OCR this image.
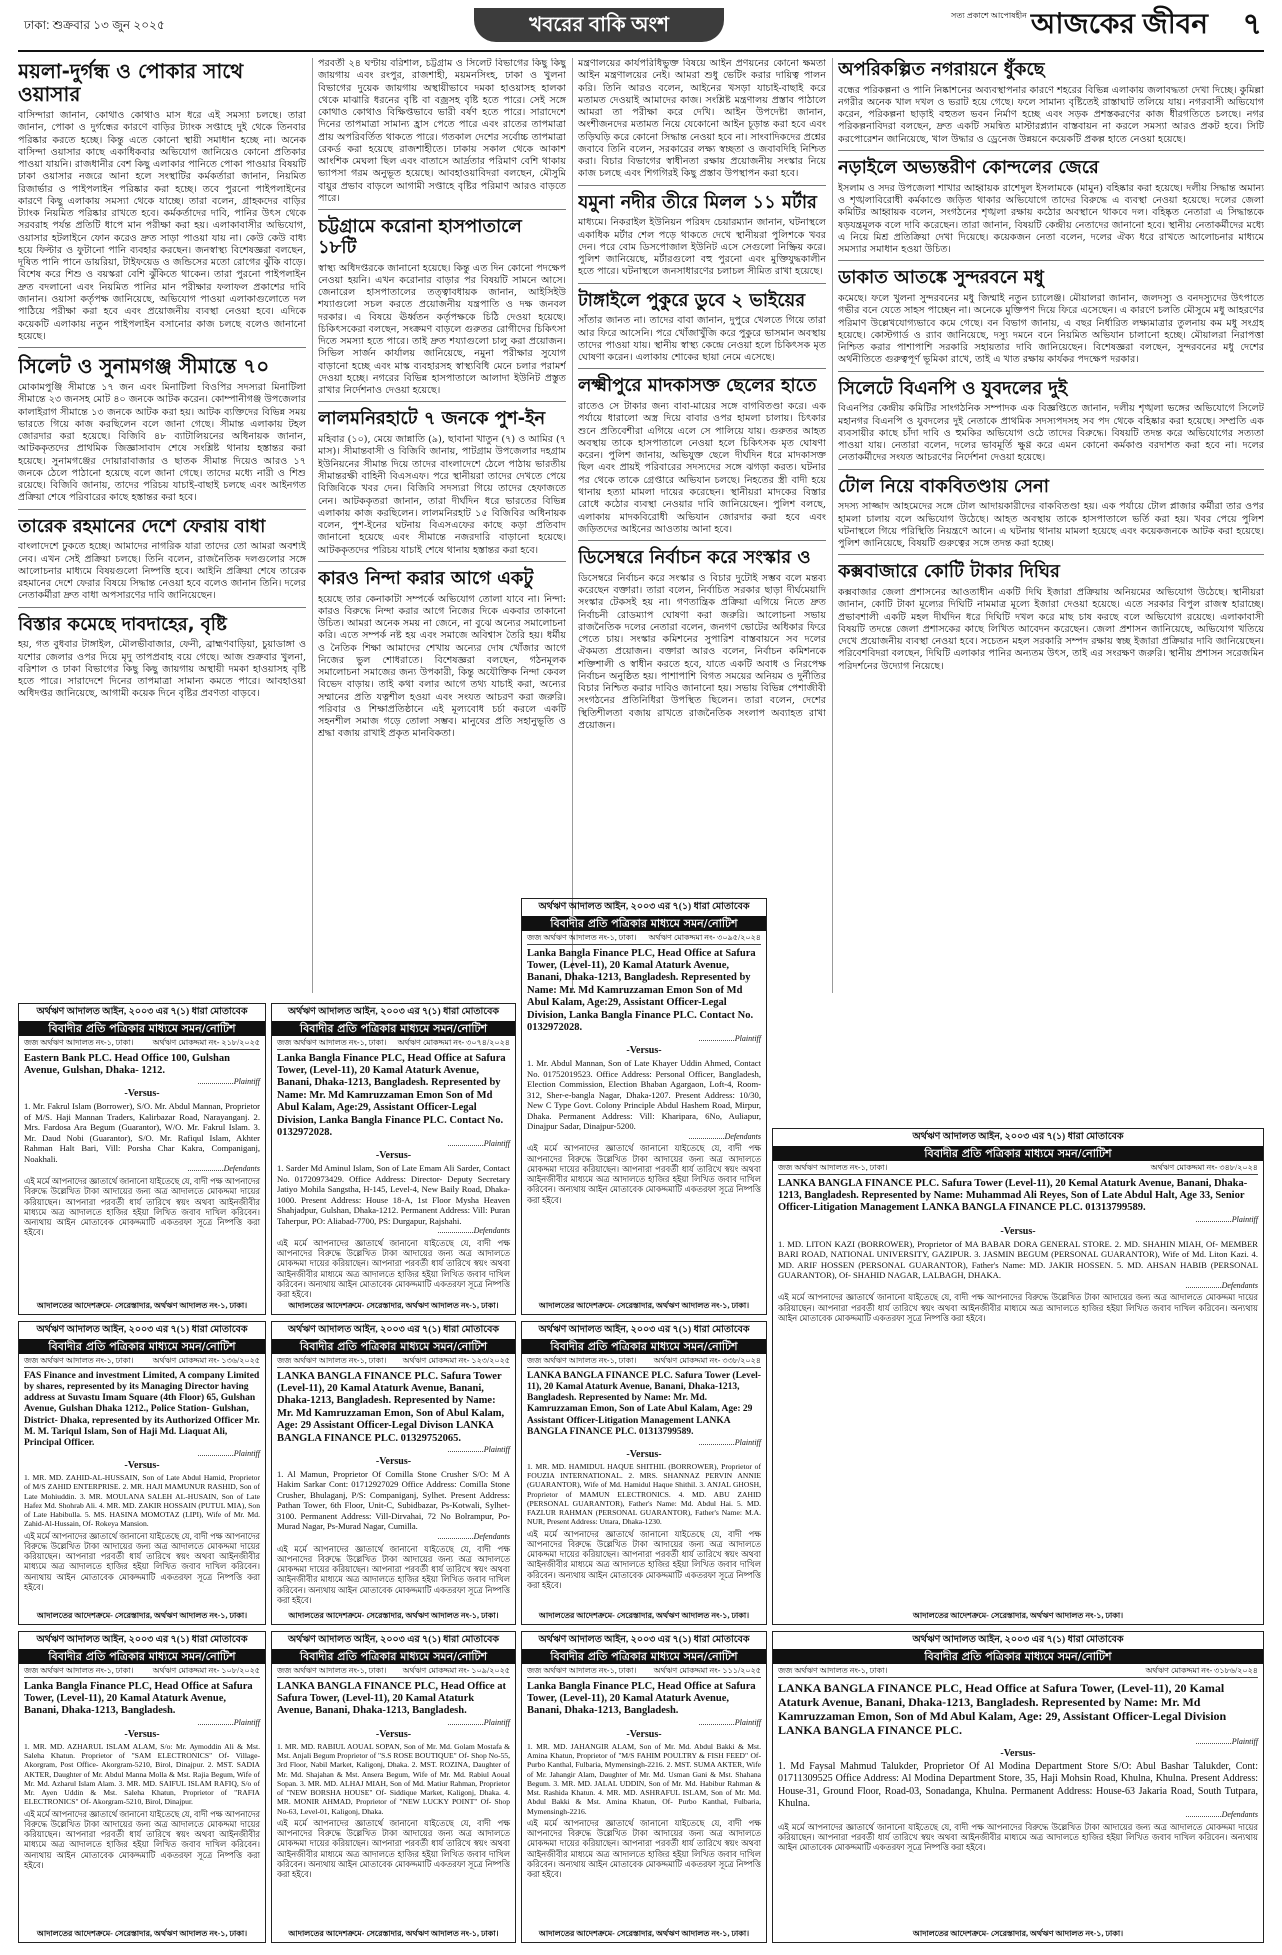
ঢাকা: শুক্রবার ১৩ জুন ২০২৫	খবরের বাকি অংশ	সত্য প্রকাশে আপোষহীন আজকের জীবন ৭
ময়লা-দুর্গন্ধ ও পোকার সাথে ওয়াসার

বাসিন্দারা জানান, কোথাও কোথাও মাস ধরে এই সমস্যা চলছে। তারা জানান, পোকা ও দুর্গন্ধের কারণে বাড়ির ট্যাংক সপ্তাহে দুই থেকে তিনবার পরিষ্কার করতে হচ্ছে। কিন্তু এতে কোনো স্থায়ী সমাধান হচ্ছে না। অনেক বাসিন্দা ওয়াসার কাছে একাধিকবার অভিযোগ জানিয়েও কোনো প্রতিকার পাওয়া যায়নি। রাজধানীর বেশ কিছু এলাকার পানিতে পোকা পাওয়ার বিষয়টি ঢাকা ওয়াসার নজরে আনা হলে সংস্থাটির কর্মকর্তারা জানান, নিয়মিত রিজার্ভার ও পাইপলাইন পরিষ্কার করা হচ্ছে। তবে পুরনো পাইপলাইনের কারণে কিছু এলাকায় সমস্যা থেকে যাচ্ছে। তারা বলেন, গ্রাহকদের বাড়ির ট্যাংক নিয়মিত পরিষ্কার রাখতে হবে। কর্মকর্তাদের দাবি, পানির উৎস থেকে সরবরাহ পর্যন্ত প্রতিটি ধাপে মান পরীক্ষা করা হয়। এলাকাবাসীর অভিযোগ, ওয়াসার হটলাইনে ফোন করেও দ্রুত সাড়া পাওয়া যায় না। কেউ কেউ বাধ্য হয়ে ফিল্টার ও ফুটানো পানি ব্যবহার করছেন। জনস্বাস্থ্য বিশেষজ্ঞরা বলছেন, দূষিত পানি পানে ডায়রিয়া, টাইফয়েড ও জন্ডিসের মতো রোগের ঝুঁকি বাড়ে। বিশেষ করে শিশু ও বয়স্করা বেশি ঝুঁকিতে থাকেন। তারা পুরনো পাইপলাইন দ্রুত বদলানো এবং নিয়মিত পানির মান পরীক্ষার ফলাফল প্রকাশের দাবি জানান। ওয়াসা কর্তৃপক্ষ জানিয়েছে, অভিযোগ পাওয়া এলাকাগুলোতে দল পাঠিয়ে পরীক্ষা করা হবে এবং প্রয়োজনীয় ব্যবস্থা নেওয়া হবে। এদিকে কয়েকটি এলাকায় নতুন পাইপলাইন বসানোর কাজ চলছে বলেও জানানো হয়েছে।

সিলেট ও সুনামগঞ্জ সীমান্তে ৭০

মোকামপুঞ্জি সীমান্তে ১৭ জন এবং মিনাটিলা বিওপির সদস্যরা মিনাটিলা সীমান্তে ২৩ জনসহ মোট ৪০ জনকে আটক করেন। কোম্পানীগঞ্জ উপজেলার কালাইরাগ সীমান্তে ১৩ জনকে আটক করা হয়। আটক ব্যক্তিদের বিভিন্ন সময় ভারতে গিয়ে কাজ করছিলেন বলে জানা গেছে। সীমান্ত এলাকায় টহল জোরদার করা হয়েছে। বিজিবি ৪৮ ব্যাটালিয়নের অধিনায়ক জানান, আটককৃতদের প্রাথমিক জিজ্ঞাসাবাদ শেষে সংশ্লিষ্ট থানায় হস্তান্তর করা হয়েছে। সুনামগঞ্জের দোয়ারাবাজার ও ছাতক সীমান্ত দিয়েও আরও ১৭ জনকে ঠেলে পাঠানো হয়েছে বলে জানা গেছে। তাদের মধ্যে নারী ও শিশু রয়েছে। বিজিবি জানায়, তাদের পরিচয় যাচাই-বাছাই চলছে এবং আইনগত প্রক্রিয়া শেষে পরিবারের কাছে হস্তান্তর করা হবে।

তারেক রহমানের দেশে ফেরায় বাধা

বাংলাদেশে ঢুকতে হচ্ছে। আমাদের নাগরিক যারা তাদের তো আমরা অবশ্যই নেব। এখন সেই প্রক্রিয়া চলছে। তিনি বলেন, রাজনৈতিক দলগুলোর সঙ্গে আলোচনার মাধ্যমে বিষয়গুলো নিষ্পত্তি হবে। আইনি প্রক্রিয়া শেষে তারেক রহমানের দেশে ফেরার বিষয়ে সিদ্ধান্ত নেওয়া হবে বলেও জানান তিনি। দলের নেতাকর্মীরা দ্রুত বাধা অপসারণের দাবি জানিয়েছেন।

বিস্তার কমেছে দাবদাহের, বৃষ্টি

হয়, গত বুধবার টাঙ্গাইল, মৌলভীবাজার, ফেনী, ব্রাহ্মণবাড়িয়া, চুয়াডাঙ্গা ও যশোর জেলার ওপর দিয়ে মৃদু তাপপ্রবাহ বয়ে গেছে। আজ শুক্রবার খুলনা, বরিশাল ও ঢাকা বিভাগের কিছু কিছু জায়গায় অস্থায়ী দমকা হাওয়াসহ বৃষ্টি হতে পারে। সারাদেশে দিনের তাপমাত্রা সামান্য কমতে পারে। আবহাওয়া অধিদপ্তর জানিয়েছে, আগামী কয়েক দিনে বৃষ্টির প্রবণতা বাড়বে।

পরবর্তী ২৪ ঘণ্টায় বরিশাল, চট্টগ্রাম ও সিলেট বিভাগের কিছু কিছু জায়গায় এবং রংপুর, রাজশাহী, ময়মনসিংহ, ঢাকা ও খুলনা বিভাগের দুয়েক জায়গায় অস্থায়ীভাবে দমকা হাওয়াসহ হালকা থেকে মাঝারি ধরনের বৃষ্টি বা বজ্রসহ বৃষ্টি হতে পারে। সেই সঙ্গে কোথাও কোথাও বিক্ষিপ্তভাবে ভারী বর্ষণ হতে পারে। সারাদেশে দিনের তাপমাত্রা সামান্য হ্রাস পেতে পারে এবং রাতের তাপমাত্রা প্রায় অপরিবর্তিত থাকতে পারে। গতকাল দেশের সর্বোচ্চ তাপমাত্রা রেকর্ড করা হয়েছে রাজশাহীতে। ঢাকায় সকাল থেকে আকাশ আংশিক মেঘলা ছিল এবং বাতাসে আর্দ্রতার পরিমাণ বেশি থাকায় ভ্যাপসা গরম অনুভূত হয়েছে। আবহাওয়াবিদরা বলছেন, মৌসুমি বায়ুর প্রভাব বাড়লে আগামী সপ্তাহে বৃষ্টির পরিমাণ আরও বাড়তে পারে।

চট্টগ্রামে করোনা হাসপাতালে ১৮টি

স্বাস্থ্য অধিদপ্তরকে জানানো হয়েছে। কিন্তু এত দিন কোনো পদক্ষেপ নেওয়া হয়নি। এখন করোনার বাড়ার পর বিষয়টি সামনে আসে। জেনারেল হাসপাতালের তত্ত্বাবধায়ক জানান, আইসিইউ শয্যাগুলো সচল করতে প্রয়োজনীয় যন্ত্রপাতি ও দক্ষ জনবল দরকার। এ বিষয়ে ঊর্ধ্বতন কর্তৃপক্ষকে চিঠি দেওয়া হয়েছে। চিকিৎসকেরা বলছেন, সংক্রমণ বাড়লে গুরুতর রোগীদের চিকিৎসা দিতে সমস্যা হতে পারে। তাই দ্রুত শয্যাগুলো চালু করা প্রয়োজন। সিভিল সার্জন কার্যালয় জানিয়েছে, নমুনা পরীক্ষার সুযোগ বাড়ানো হচ্ছে এবং মাস্ক ব্যবহারসহ স্বাস্থ্যবিধি মেনে চলার পরামর্শ দেওয়া হচ্ছে। নগরের বিভিন্ন হাসপাতালে আলাদা ইউনিট প্রস্তুত রাখার নির্দেশনাও দেওয়া হয়েছে।

লালমনিরহাটে ৭ জনকে পুশ-ইন

মহিবার (১০), মেয়ে জান্নাতি (৯), ছাবানা খাতুন (৭) ও আমির (৭ মাস)। সীমান্তবাসী ও বিজিবি জানায়, পাটগ্রাম উপজেলার দহগ্রাম ইউনিয়নের সীমান্ত দিয়ে তাদের বাংলাদেশে ঠেলে পাঠায় ভারতীয় সীমান্তরক্ষী বাহিনী বিএসএফ। পরে স্থানীয়রা তাদের দেখতে পেয়ে বিজিবিকে খবর দেন। বিজিবি সদস্যরা গিয়ে তাদের হেফাজতে নেন। আটককৃতরা জানান, তারা দীর্ঘদিন ধরে ভারতের বিভিন্ন এলাকায় কাজ করছিলেন। লালমনিরহাট ১৫ বিজিবির অধিনায়ক বলেন, পুশ-ইনের ঘটনায় বিএসএফের কাছে কড়া প্রতিবাদ জানানো হয়েছে এবং সীমান্তে নজরদারি বাড়ানো হয়েছে। আটককৃতদের পরিচয় যাচাই শেষে থানায় হস্তান্তর করা হবে।

কারও নিন্দা করার আগে একটু

হয়েছে তার কেনাকাটা সম্পর্কে অভিযোগ তোলা যাবে না। নিন্দা: কারও বিরুদ্ধে নিন্দা করার আগে নিজের দিকে একবার তাকানো উচিত। আমরা অনেক সময় না জেনে, না বুঝে অন্যের সমালোচনা করি। এতে সম্পর্ক নষ্ট হয় এবং সমাজে অবিশ্বাস তৈরি হয়। ধর্মীয় ও নৈতিক শিক্ষা আমাদের শেখায় অন্যের দোষ খোঁজার আগে নিজের ভুল শোধরাতে। বিশেষজ্ঞরা বলছেন, গঠনমূলক সমালোচনা সমাজের জন্য উপকারী, কিন্তু অযৌক্তিক নিন্দা কেবল বিভেদ বাড়ায়। তাই কথা বলার আগে তথ্য যাচাই করা, অন্যের সম্মানের প্রতি যত্নশীল হওয়া এবং সংযত আচরণ করা জরুরি। পরিবার ও শিক্ষাপ্রতিষ্ঠানে এই মূল্যবোধ চর্চা করলে একটি সহনশীল সমাজ গড়ে তোলা সম্ভব। মানুষের প্রতি সহানুভূতি ও শ্রদ্ধা বজায় রাখাই প্রকৃত মানবিকতা।

মন্ত্রণালয়ের কার্যপরিধিভুক্ত বিষয়ে আইন প্রণয়নের কোনো ক্ষমতা আইন মন্ত্রণালয়ের নেই। আমরা শুধু ভেটিং করার দায়িত্ব পালন করি। তিনি আরও বলেন, আইনের খসড়া যাচাই-বাছাই করে মতামত দেওয়াই আমাদের কাজ। সংশ্লিষ্ট মন্ত্রণালয় প্রস্তাব পাঠালে আমরা তা পরীক্ষা করে দেখি। আইন উপদেষ্টা জানান, অংশীজনদের মতামত নিয়ে যেকোনো আইন চূড়ান্ত করা হবে এবং তড়িঘড়ি করে কোনো সিদ্ধান্ত নেওয়া হবে না। সাংবাদিকদের প্রশ্নের জবাবে তিনি বলেন, সরকারের লক্ষ্য স্বচ্ছতা ও জবাবদিহি নিশ্চিত করা। বিচার বিভাগের স্বাধীনতা রক্ষায় প্রয়োজনীয় সংস্কার নিয়ে কাজ চলছে এবং শিগগিরই কিছু প্রস্তাব উপস্থাপন করা হবে।

যমুনা নদীর তীরে মিলল ১১ মর্টার

মাধ্যমে। নিকরাইল ইউনিয়ন পরিষদ চেয়ারম্যান জানান, ঘটনাস্থলে একাধিক মর্টার শেল পড়ে থাকতে দেখে স্থানীয়রা পুলিশকে খবর দেন। পরে বোম ডিসপোজাল ইউনিট এসে সেগুলো নিষ্ক্রিয় করে। পুলিশ জানিয়েছে, মর্টারগুলো বহু পুরনো এবং মুক্তিযুদ্ধকালীন হতে পারে। ঘটনাস্থলে জনসাধারণের চলাচল সীমিত রাখা হয়েছে।

টাঙ্গাইলে পুকুরে ডুবে ২ ভাইয়ের

সাঁতার জানত না। তাদের বাবা জানান, দুপুরে খেলতে গিয়ে তারা আর ফিরে আসেনি। পরে খোঁজাখুঁজি করে পুকুরে ভাসমান অবস্থায় তাদের পাওয়া যায়। স্থানীয় স্বাস্থ্য কেন্দ্রে নেওয়া হলে চিকিৎসক মৃত ঘোষণা করেন। এলাকায় শোকের ছায়া নেমে এসেছে।

লক্ষ্মীপুরে মাদকাসক্ত ছেলের হাতে

রাতেও সে টাকার জন্য বাবা-মায়ের সঙ্গে বাগবিতণ্ডা করে। এক পর্যায়ে ধারালো অস্ত্র দিয়ে বাবার ওপর হামলা চালায়। চিৎকার শুনে প্রতিবেশীরা এগিয়ে এলে সে পালিয়ে যায়। গুরুতর আহত অবস্থায় তাকে হাসপাতালে নেওয়া হলে চিকিৎসক মৃত ঘোষণা করেন। পুলিশ জানায়, অভিযুক্ত ছেলে দীর্ঘদিন ধরে মাদকাসক্ত ছিল এবং প্রায়ই পরিবারের সদস্যদের সঙ্গে ঝগড়া করত। ঘটনার পর থেকে তাকে গ্রেপ্তারে অভিযান চলছে। নিহতের স্ত্রী বাদী হয়ে থানায় হত্যা মামলা দায়ের করেছেন। স্থানীয়রা মাদকের বিস্তার রোধে কঠোর ব্যবস্থা নেওয়ার দাবি জানিয়েছেন। পুলিশ বলছে, এলাকায় মাদকবিরোধী অভিযান জোরদার করা হবে এবং জড়িতদের আইনের আওতায় আনা হবে।

ডিসেম্বরে নির্বাচন করে সংস্কার ও

ডিসেম্বরে নির্বাচন করে সংস্কার ও বিচার দুটোই সম্ভব বলে মন্তব্য করেছেন বক্তারা। তারা বলেন, নির্বাচিত সরকার ছাড়া দীর্ঘমেয়াদি সংস্কার টেকসই হয় না। গণতান্ত্রিক প্রক্রিয়া এগিয়ে নিতে দ্রুত নির্বাচনী রোডম্যাপ ঘোষণা করা জরুরি। আলোচনা সভায় রাজনৈতিক দলের নেতারা বলেন, জনগণ ভোটের অধিকার ফিরে পেতে চায়। সংস্কার কমিশনের সুপারিশ বাস্তবায়নে সব দলের ঐকমত্য প্রয়োজন। বক্তারা আরও বলেন, নির্বাচন কমিশনকে শক্তিশালী ও স্বাধীন করতে হবে, যাতে একটি অবাধ ও নিরপেক্ষ নির্বাচন অনুষ্ঠিত হয়। পাশাপাশি বিগত সময়ের অনিয়ম ও দুর্নীতির বিচার নিশ্চিত করার দাবিও জানানো হয়। সভায় বিভিন্ন পেশাজীবী সংগঠনের প্রতিনিধিরা উপস্থিত ছিলেন। তারা বলেন, দেশের স্থিতিশীলতা বজায় রাখতে রাজনৈতিক সংলাপ অব্যাহত রাখা প্রয়োজন।

অপরিকল্পিত নগরায়নে ধুঁকছে

বন্ধের পরিকল্পনা ও পানি নিষ্কাশনের অব্যবস্থাপনার কারণে শহরের বিভিন্ন এলাকায় জলাবদ্ধতা দেখা দিচ্ছে। কুমিল্লা নগরীর অনেক খাল দখল ও ভরাট হয়ে গেছে। ফলে সামান্য বৃষ্টিতেই রাস্তাঘাট তলিয়ে যায়। নগরবাসী অভিযোগ করেন, পরিকল্পনা ছাড়াই বহুতল ভবন নির্মাণ হচ্ছে এবং সড়ক প্রশস্তকরণের কাজ ধীরগতিতে চলছে। নগর পরিকল্পনাবিদরা বলছেন, দ্রুত একটি সমন্বিত মাস্টারপ্ল্যান বাস্তবায়ন না করলে সমস্যা আরও প্রকট হবে। সিটি করপোরেশন জানিয়েছে, খাল উদ্ধার ও ড্রেনেজ উন্নয়নে কয়েকটি প্রকল্প হাতে নেওয়া হয়েছে।

নড়াইলে অভ্যন্তরীণ কোন্দলের জেরে

ইসলাম ও সদর উপজেলা শাখার আহ্বায়ক রাশেদুল ইসলামকে (মামুন) বহিষ্কার করা হয়েছে। দলীয় সিদ্ধান্ত অমান্য ও শৃঙ্খলাবিরোধী কর্মকাণ্ডে জড়িত থাকার অভিযোগে তাদের বিরুদ্ধে এ ব্যবস্থা নেওয়া হয়েছে। দলের জেলা কমিটির আহ্বায়ক বলেন, সংগঠনের শৃঙ্খলা রক্ষায় কঠোর অবস্থানে থাকবে দল। বহিষ্কৃত নেতারা এ সিদ্ধান্তকে ষড়যন্ত্রমূলক বলে দাবি করেছেন। তারা জানান, বিষয়টি কেন্দ্রীয় নেতাদের জানানো হবে। স্থানীয় নেতাকর্মীদের মধ্যে এ নিয়ে মিশ্র প্রতিক্রিয়া দেখা দিয়েছে। কয়েকজন নেতা বলেন, দলের ঐক্য ধরে রাখতে আলোচনার মাধ্যমে সমস্যার সমাধান হওয়া উচিত।

ডাকাত আতঙ্কে সুন্দরবনে মধু

কমেছে। ফলে খুলনা সুন্দরবনের মধু জিম্মাই নতুন চ্যালেঞ্জ। মৌয়ালরা জানান, জলদস্যু ও বনদস্যুদের উৎপাতে গভীর বনে যেতে সাহস পাচ্ছেন না। অনেকে মুক্তিপণ দিয়ে ফিরে এসেছেন। এ কারণে চলতি মৌসুমে মধু আহরণের পরিমাণ উল্লেখযোগ্যভাবে কমে গেছে। বন বিভাগ জানায়, এ বছর নির্ধারিত লক্ষ্যমাত্রার তুলনায় কম মধু সংগ্রহ হয়েছে। কোস্টগার্ড ও র‍্যাব জানিয়েছে, দস্যু দমনে বনে নিয়মিত অভিযান চালানো হচ্ছে। মৌয়ালরা নিরাপত্তা নিশ্চিত করার পাশাপাশি সরকারি সহায়তার দাবি জানিয়েছেন। বিশেষজ্ঞরা বলছেন, সুন্দরবনের মধু দেশের অর্থনীতিতে গুরুত্বপূর্ণ ভূমিকা রাখে, তাই এ খাত রক্ষায় কার্যকর পদক্ষেপ দরকার।

সিলেটে বিএনপি ও যুবদলের দুই

বিএনপির কেন্দ্রীয় কমিটির সাংগঠনিক সম্পাদক এক বিজ্ঞপ্তিতে জানান, দলীয় শৃঙ্খলা ভঙ্গের অভিযোগে সিলেট মহানগর বিএনপি ও যুবদলের দুই নেতাকে প্রাথমিক সদস্যপদসহ সব পদ থেকে বহিষ্কার করা হয়েছে। সম্প্রতি এক ব্যবসায়ীর কাছে চাঁদা দাবি ও হুমকির অভিযোগ ওঠে তাদের বিরুদ্ধে। বিষয়টি তদন্ত করে অভিযোগের সত্যতা পাওয়া যায়। নেতারা বলেন, দলের ভাবমূর্তি ক্ষুণ্ণ করে এমন কোনো কর্মকাণ্ড বরদাশত করা হবে না। দলের নেতাকর্মীদের সংযত আচরণের নির্দেশনা দেওয়া হয়েছে।

টোল নিয়ে বাকবিতণ্ডায় সেনা

সদস্য সাজ্জাদ আহমেদের সঙ্গে টোল আদায়কারীদের বাকবিতণ্ডা হয়। এক পর্যায়ে টোল প্লাজার কর্মীরা তার ওপর হামলা চালায় বলে অভিযোগ উঠেছে। আহত অবস্থায় তাকে হাসপাতালে ভর্তি করা হয়। খবর পেয়ে পুলিশ ঘটনাস্থলে গিয়ে পরিস্থিতি নিয়ন্ত্রণে আনে। এ ঘটনায় থানায় মামলা হয়েছে এবং কয়েকজনকে আটক করা হয়েছে। পুলিশ জানিয়েছে, বিষয়টি গুরুত্বের সঙ্গে তদন্ত করা হচ্ছে।

কক্সবাজারে কোটি টাকার দিঘির

কক্সবাজার জেলা প্রশাসনের আওতাধীন একটি দিঘি ইজারা প্রক্রিয়ায় অনিয়মের অভিযোগ উঠেছে। স্থানীয়রা জানান, কোটি টাকা মূল্যের দিঘিটি নামমাত্র মূল্যে ইজারা দেওয়া হয়েছে। এতে সরকার বিপুল রাজস্ব হারাচ্ছে। প্রভাবশালী একটি মহল দীর্ঘদিন ধরে দিঘিটি দখল করে মাছ চাষ করছে বলে অভিযোগ রয়েছে। এলাকাবাসী বিষয়টি তদন্তে জেলা প্রশাসকের কাছে লিখিত আবেদন করেছেন। জেলা প্রশাসন জানিয়েছে, অভিযোগ খতিয়ে দেখে প্রয়োজনীয় ব্যবস্থা নেওয়া হবে। সচেতন মহল সরকারি সম্পদ রক্ষায় স্বচ্ছ ইজারা প্রক্রিয়ার দাবি জানিয়েছেন। পরিবেশবিদরা বলছেন, দিঘিটি এলাকার পানির অন্যতম উৎস, তাই এর সংরক্ষণ জরুরি। স্থানীয় প্রশাসন সরেজমিন পরিদর্শনের উদ্যোগ নিয়েছে।

অর্থঋণ আদালত আইন, ২০০৩ এর ৭(১) ধারা মোতাবেক
বিবাদীর প্রতি পত্রিকার মাধ্যমে সমন/নোটিশ
জজ অর্থঋণ আদালত নং-১, ঢাকা। অর্থঋণ মোকদ্দমা নং- ২১৮/২০২৫
Eastern Bank PLC. Head Office 100, Gulshan Avenue, Gulshan, Dhaka- 1212.
..................Plaintiff
-Versus-
1. Mr. Fakrul Islam (Borrower), S/O. Mr. Abdul Mannan, Proprietor of M/S. Haji Mannan Traders, Kalirbazar Road, Narayanganj. 2. Mrs. Fardosa Ara Begum (Guarantor), W/O. Mr. Fakrul Islam. 3. Mr. Daud Nobi (Guarantor), S/O. Mr. Rafiqul Islam, Akhter Rahman Halt Bari, Vill: Porsha Char Kakra, Companiganj, Noakhali.
..................Defendants
এই মর্মে আপনাদের জ্ঞাতার্থে জানানো যাইতেছে যে, বাদী পক্ষ আপনাদের বিরুদ্ধে উল্লেখিত টাকা আদায়ের জন্য অত্র আদালতে মোকদ্দমা দায়ের করিয়াছেন। আপনারা পরবর্তী ধার্য তারিখে স্বয়ং অথবা আইনজীবীর মাধ্যমে অত্র আদালতে হাজির হইয়া লিখিত জবাব দাখিল করিবেন। অন্যথায় আইন মোতাবেক মোকদ্দমাটি একতরফা সূত্রে নিষ্পত্তি করা হইবে।
আদালতের আদেশক্রমে- সেরেস্তাদার, অর্থঋণ আদালত নং-১, ঢাকা।
অর্থঋণ আদালত আইন, ২০০৩ এর ৭(১) ধারা মোতাবেক
বিবাদীর প্রতি পত্রিকার মাধ্যমে সমন/নোটিশ
জজ অর্থঋণ আদালত নং-১, ঢাকা। অর্থঋণ মোকদ্দমা নং- ৩০৭৪/২০২৪
Lanka Bangla Finance PLC, Head Office at Safura Tower, (Level-11), 20 Kamal Ataturk Avenue, Banani, Dhaka-1213, Bangladesh. Represented by Name: Mr. Md Kamruzzaman Emon Son of Md Abul Kalam, Age:29, Assistant Officer-Legal Division, Lanka Bangla Finance PLC. Contact No. 0132972028.
..................Plaintiff
-Versus-
1. Sarder Md Aminul Islam, Son of Late Emam Ali Sarder, Contact No. 01720973429. Office Address: Director- Deputy Secretary Jatiyo Mohila Sangstha, H-145, Level-4, New Baily Road, Dhaka-1000. Present Address: House 18-A, 1st Floor Mysha Heaven Shahjadpur, Gulshan, Dhaka-1212. Permanent Address: Vill: Puran Taherpur, PO: Aliabad-7700, PS: Durgapur, Rajshahi.
..................Defendants
এই মর্মে আপনাদের জ্ঞাতার্থে জানানো যাইতেছে যে, বাদী পক্ষ আপনাদের বিরুদ্ধে উল্লেখিত টাকা আদায়ের জন্য অত্র আদালতে মোকদ্দমা দায়ের করিয়াছেন। আপনারা পরবর্তী ধার্য তারিখে স্বয়ং অথবা আইনজীবীর মাধ্যমে অত্র আদালতে হাজির হইয়া লিখিত জবাব দাখিল করিবেন। অন্যথায় আইন মোতাবেক মোকদ্দমাটি একতরফা সূত্রে নিষ্পত্তি করা হইবে।
আদালতের আদেশক্রমে- সেরেস্তাদার, অর্থঋণ আদালত নং-১, ঢাকা।
অর্থঋণ আদালত আইন, ২০০৩ এর ৭(১) ধারা মোতাবেক
বিবাদীর প্রতি পত্রিকার মাধ্যমে সমন/নোটিশ
জজ অর্থঋণ আদালত নং-১, ঢাকা। অর্থঋণ মোকদ্দমা নং- ৩০৯৫/২০২৪
Lanka Bangla Finance PLC, Head Office at Safura Tower, (Level-11), 20 Kamal Ataturk Avenue, Banani, Dhaka-1213, Bangladesh. Represented by Name: Mr. Md Kamruzzaman Emon Son of Md Abul Kalam, Age:29, Assistant Officer-Legal Division, Lanka Bangla Finance PLC. Contact No. 0132972028.
..................Plaintiff
-Versus-
1. Mr. Abdul Mannan, Son of Late Khayer Uddin Ahmed, Contact No. 01752019523. Office Address: Personal Officer, Bangladesh, Election Commission, Election Bhaban Agargaon, Loft-4, Room-312, Sher-e-bangla Nagar, Dhaka-1207. Present Address: 10/30, New C Type Govt. Colony Principle Abdul Hashem Road, Mirpur, Dhaka. Permanent Address: Vill: Kharipara, 6No, Auliapur, Dinajpur Sadar, Dinajpur-5200.
..................Defendants
এই মর্মে আপনাদের জ্ঞাতার্থে জানানো যাইতেছে যে, বাদী পক্ষ আপনাদের বিরুদ্ধে উল্লেখিত টাকা আদায়ের জন্য অত্র আদালতে মোকদ্দমা দায়ের করিয়াছেন। আপনারা পরবর্তী ধার্য তারিখে স্বয়ং অথবা আইনজীবীর মাধ্যমে অত্র আদালতে হাজির হইয়া লিখিত জবাব দাখিল করিবেন। অন্যথায় আইন মোতাবেক মোকদ্দমাটি একতরফা সূত্রে নিষ্পত্তি করা হইবে।
আদালতের আদেশক্রমে- সেরেস্তাদার, অর্থঋণ আদালত নং-১, ঢাকা।
অর্থঋণ আদালত আইন, ২০০৩ এর ৭(১) ধারা মোতাবেক
বিবাদীর প্রতি পত্রিকার মাধ্যমে সমন/নোটিশ
জজ অর্থঋণ আদালত নং-১, ঢাকা। অর্থঋণ মোকদ্দমা নং- ১৩৬/২০২৫
FAS Finance and investment Limited, A company Limited by shares, represented by its Managing Director having address at Suvastu Imam Square (4th Floor) 65, Gulshan Avenue, Gulshan Dhaka 1212., Police Station- Gulshan, District- Dhaka, represented by its Authorized Officer Mr. M. M. Tariqul Islam, Son of Haji Md. Liaquat Ali, Principal Officer.
..................Plaintiff
-Versus-
1. MR. MD. ZAHID-AL-HUSSAIN, Son of Late Abdul Hamid, Proprietor of M/S ZAHID ENTERPRISE. 2. MR. HAJI MAMUNUR RASHID, Son of Late Mohiuddin. 3. MR. MOULANA SALEH AL-HUSAIN, Son of Late Hafez Md. Shohrab Ali. 4. MR. MD. ZAKIR HOSSAIN (PUTUL MIA), Son of Late Habibulla. 5. MS. HASINA MOMOTAZ (LIPI), Wife of Mr. Md. Zahid-Al-Hussain, Of- Rokeya Mansion.
এই মর্মে আপনাদের জ্ঞাতার্থে জানানো যাইতেছে যে, বাদী পক্ষ আপনাদের বিরুদ্ধে উল্লেখিত টাকা আদায়ের জন্য অত্র আদালতে মোকদ্দমা দায়ের করিয়াছেন। আপনারা পরবর্তী ধার্য তারিখে স্বয়ং অথবা আইনজীবীর মাধ্যমে অত্র আদালতে হাজির হইয়া লিখিত জবাব দাখিল করিবেন। অন্যথায় আইন মোতাবেক মোকদ্দমাটি একতরফা সূত্রে নিষ্পত্তি করা হইবে।
আদালতের আদেশক্রমে- সেরেস্তাদার, অর্থঋণ আদালত নং-১, ঢাকা।
অর্থঋণ আদালত আইন, ২০০৩ এর ৭(১) ধারা মোতাবেক
বিবাদীর প্রতি পত্রিকার মাধ্যমে সমন/নোটিশ
জজ অর্থঋণ আদালত নং-১, ঢাকা। অর্থঋণ মোকদ্দমা নং- ১২৩/২০২৫
LANKA BANGLA FINANCE PLC. Safura Tower (Level-11), 20 Kamal Ataturk Avenue, Banani, Dhaka-1213, Bangladesh. Represented by Name: Mr. Md Kamruzzaman Emon, Son of Abul Kalam, Age: 29 Assistant Officer-Legal Divison LANKA BANGLA FINANCE PLC. 01329752065.
..................Plaintiff
-Versus-
1. Al Mamun, Proprietor Of Comilla Stone Crusher S/O: M A Hakim Sarkar Cont: 01712927029 Office Address: Comilla Stone Crusher, Bhulaganj, P/S: Companiganj, Sylhet. Present Address: Pathan Tower, 6th Floor, Unit-C, Subidbazar, Ps-Kotwali, Sylhet-3100. Permanent Address: Vill-Dirvahai, 72 No Bolrampur, Po-Murad Nagar, Ps-Murad Nagar, Cumilla.
..................Defendants
এই মর্মে আপনাদের জ্ঞাতার্থে জানানো যাইতেছে যে, বাদী পক্ষ আপনাদের বিরুদ্ধে উল্লেখিত টাকা আদায়ের জন্য অত্র আদালতে মোকদ্দমা দায়ের করিয়াছেন। আপনারা পরবর্তী ধার্য তারিখে স্বয়ং অথবা আইনজীবীর মাধ্যমে অত্র আদালতে হাজির হইয়া লিখিত জবাব দাখিল করিবেন। অন্যথায় আইন মোতাবেক মোকদ্দমাটি একতরফা সূত্রে নিষ্পত্তি করা হইবে।
আদালতের আদেশক্রমে- সেরেস্তাদার, অর্থঋণ আদালত নং-১, ঢাকা।
অর্থঋণ আদালত আইন, ২০০৩ এর ৭(১) ধারা মোতাবেক
বিবাদীর প্রতি পত্রিকার মাধ্যমে সমন/নোটিশ
জজ অর্থঋণ আদালত নং-১, ঢাকা। অর্থঋণ মোকদ্দমা নং- ৩৩৮/২০২৪
LANKA BANGLA FINANCE PLC. Safura Tower (Level-11), 20 Kamal Ataturk Avenue, Banani, Dhaka-1213, Bangladesh. Represented by Name: Mr. Md. Kamruzzaman Emon, Son of Late Abul Kalam, Age: 29 Assistant Officer-Litigation Management LANKA BANGLA FINANCE PLC. 01313799589.
..................Plaintiff
-Versus-
1. MR. MD. HAMIDUL HAQUE SHITHIL (BORROWER), Proprietor of FOUZIA INTERNATIONAL. 2. MRS. SHANNAZ PERVIN ANNIE (GUARANTOR), Wife of Md. Hamidul Haque Shithil. 3. ANJAL GHOSH, Proprietor of MAMUN ELECTRONICS. 4. MD. ABU ZAHID (PERSONAL GUARANTOR), Father's Name: Md. Abdul Hai. 5. MD. FAZLUR RAHMAN (PERSONAL GUARANTOR), Father's Name: M.A. NUR, Present Address: Uttara, Dhaka-1230.
এই মর্মে আপনাদের জ্ঞাতার্থে জানানো যাইতেছে যে, বাদী পক্ষ আপনাদের বিরুদ্ধে উল্লেখিত টাকা আদায়ের জন্য অত্র আদালতে মোকদ্দমা দায়ের করিয়াছেন। আপনারা পরবর্তী ধার্য তারিখে স্বয়ং অথবা আইনজীবীর মাধ্যমে অত্র আদালতে হাজির হইয়া লিখিত জবাব দাখিল করিবেন। অন্যথায় আইন মোতাবেক মোকদ্দমাটি একতরফা সূত্রে নিষ্পত্তি করা হইবে।
আদালতের আদেশক্রমে- সেরেস্তাদার, অর্থঋণ আদালত নং-১, ঢাকা।
অর্থঋণ আদালত আইন, ২০০৩ এর ৭(১) ধারা মোতাবেক
বিবাদীর প্রতি পত্রিকার মাধ্যমে সমন/নোটিশ
জজ অর্থঋণ আদালত নং-১, ঢাকা।	অর্থঋণ মোকদ্দমা নং- ৩৪৮/২০২৪
LANKA BANGLA FINANCE PLC. Safura Tower (Level-11), 20 Kemal Ataturk Avenue, Banani, Dhaka-1213, Bangladesh. Represented by Name: Muhammad Ali Reyes, Son of Late Abdul Halt, Age 33, Senior Officer-Litigation Management LANKA BANGLA FINANCE PLC. 01313799589.
..................Plaintiff
-Versus-
1. MD. LITON KAZI (BORROWER), Proprietor of MA BABAR DORA GENERAL STORE. 2. MD. SHAHIN MIAH, Of- MEMBER BARI ROAD, NATIONAL UNIVERSITY, GAZIPUR. 3. JASMIN BEGUM (PERSONAL GUARANTOR), Wife of Md. Liton Kazi. 4. MD. ARIF HOSSEN (PERSONAL GUARANTOR), Father's Name: MD. JAKIR HOSSEN. 5. MD. AHSAN HABIB (PERSONAL GUARANTOR), Of- SHAHID NAGAR, LALBAGH, DHAKA.
..................Defendants
এই মর্মে আপনাদের জ্ঞাতার্থে জানানো যাইতেছে যে, বাদী পক্ষ আপনাদের বিরুদ্ধে উল্লেখিত টাকা আদায়ের জন্য অত্র আদালতে মোকদ্দমা দায়ের করিয়াছেন। আপনারা পরবর্তী ধার্য তারিখে স্বয়ং অথবা আইনজীবীর মাধ্যমে অত্র আদালতে হাজির হইয়া লিখিত জবাব দাখিল করিবেন। অন্যথায় আইন মোতাবেক মোকদ্দমাটি একতরফা সূত্রে নিষ্পত্তি করা হইবে।
আদালতের আদেশক্রমে- সেরেস্তাদার, অর্থঋণ আদালত নং-১, ঢাকা।
অর্থঋণ আদালত আইন, ২০০৩ এর ৭(১) ধারা মোতাবেক
বিবাদীর প্রতি পত্রিকার মাধ্যমে সমন/নোটিশ
জজ অর্থঋণ আদালত নং-১, ঢাকা। অর্থঋণ মোকদ্দমা নং- ১০৮/২০২৫
Lanka Bangla Finance PLC, Head Office at Safura Tower, (Level-11), 20 Kamal Ataturk Avenue, Banani, Dhaka-1213, Bangladesh.
..................Plaintiff
-Versus-
1. MR. MD. AZHARUL ISLAM ALAM, S/o: Mr. Aymoddin Ali & Mst. Saleha Khatun. Proprietor of "SAM ELECTRONICS" Of- Village- Akorgram, Post Office- Akorgram-5210, Birol, Dinajpur. 2. MST. SADIA AKTER, Daughter of Mr. Abdul Manna Molla & Mst. Rajia Begum, Wife of Mr. Md. Azharul Islam Alam. 3. MR. MD. SAIFUL ISLAM RAFIQ, S/o of Mr. Ayen Uddin & Mst. Saleha Khatun, Proprietor of "RAFIA ELECTRONICS" Of- Akorgram-5210, Birol, Dinajpur.
এই মর্মে আপনাদের জ্ঞাতার্থে জানানো যাইতেছে যে, বাদী পক্ষ আপনাদের বিরুদ্ধে উল্লেখিত টাকা আদায়ের জন্য অত্র আদালতে মোকদ্দমা দায়ের করিয়াছেন। আপনারা পরবর্তী ধার্য তারিখে স্বয়ং অথবা আইনজীবীর মাধ্যমে অত্র আদালতে হাজির হইয়া লিখিত জবাব দাখিল করিবেন। অন্যথায় আইন মোতাবেক মোকদ্দমাটি একতরফা সূত্রে নিষ্পত্তি করা হইবে।
আদালতের আদেশক্রমে- সেরেস্তাদার, অর্থঋণ আদালত নং-১, ঢাকা।
অর্থঋণ আদালত আইন, ২০০৩ এর ৭(১) ধারা মোতাবেক
বিবাদীর প্রতি পত্রিকার মাধ্যমে সমন/নোটিশ
জজ অর্থঋণ আদালত নং-১, ঢাকা। অর্থঋণ মোকদ্দমা নং- ১০৯/২০২৫
LANKA BANGLA FINANCE PLC, Head Office at Safura Tower, (Level-11), 20 Kamal Ataturk Avenue, Banani, Dhaka-1213, Bangladesh.
..................Plaintiff
-Versus-
1. MR. MD. RABIUL AOUAL SOPAN, Son of Mr. Md. Golam Mostafa & Mst. Anjali Begum Proprietor of "S.S ROSE BOUTIQUE" Of- Shop No-55, 3rd Floor, Nabil Market, Kaligonj, Dhaka. 2. MST. ROZINA, Daughter of Mr. Md. Shajahan & Mst. Ansera Begum, Wife of Mr. Md. Rabiul Aoual Sopan. 3. MR. MD. ALHAJ MIAH, Son of Md. Matiur Rahman, Proprietor of "NEW BORSHA HOUSE" Of- Siddique Market, Kaligonj, Dhaka. 4. MR. MONIR AHMAD, Proprietor of "NEW LUCKY POINT" Of- Shop No-63, Level-01, Kaligonj, Dhaka.
এই মর্মে আপনাদের জ্ঞাতার্থে জানানো যাইতেছে যে, বাদী পক্ষ আপনাদের বিরুদ্ধে উল্লেখিত টাকা আদায়ের জন্য অত্র আদালতে মোকদ্দমা দায়ের করিয়াছেন। আপনারা পরবর্তী ধার্য তারিখে স্বয়ং অথবা আইনজীবীর মাধ্যমে অত্র আদালতে হাজির হইয়া লিখিত জবাব দাখিল করিবেন। অন্যথায় আইন মোতাবেক মোকদ্দমাটি একতরফা সূত্রে নিষ্পত্তি করা হইবে।
আদালতের আদেশক্রমে- সেরেস্তাদার, অর্থঋণ আদালত নং-১, ঢাকা।
অর্থঋণ আদালত আইন, ২০০৩ এর ৭(১) ধারা মোতাবেক
বিবাদীর প্রতি পত্রিকার মাধ্যমে সমন/নোটিশ
জজ অর্থঋণ আদালত নং-১, ঢাকা। অর্থঋণ মোকদ্দমা নং- ১১১/২০২৫
Lanka Bangla Finance PLC, Head Office at Safura Tower, (Level-11), 20 Kamal Ataturk Avenue, Banani, Dhaka-1213, Bangladesh.
..................Plaintiff
-Versus-
1. MR. MD. JAHANGIR ALAM, Son of Mr. Md. Abdul Bakki & Mst. Amina Khatun, Proprietor of "M/S FAHIM POULTRY & FISH FEED" Of- Purbo Kanthal, Fulbaria, Mymensingh-2216. 2. MST. SUMA AKTER, Wife of Mr. Jahangir Alam, Daughter of Mr. Md. Usman Gani & Mst. Shahana Begum. 3. MR. MD. JALAL UDDIN, Son of Mr. Md. Habibur Rahman & Mst. Rashida Khatun. 4. MR. MD. ASHRAFUL ISLAM, Son of Mr. Md. Abdul Bakki & Mst. Amina Khatun, Of- Purbo Kanthal, Fulbaria, Mymensingh-2216.
এই মর্মে আপনাদের জ্ঞাতার্থে জানানো যাইতেছে যে, বাদী পক্ষ আপনাদের বিরুদ্ধে উল্লেখিত টাকা আদায়ের জন্য অত্র আদালতে মোকদ্দমা দায়ের করিয়াছেন। আপনারা পরবর্তী ধার্য তারিখে স্বয়ং অথবা আইনজীবীর মাধ্যমে অত্র আদালতে হাজির হইয়া লিখিত জবাব দাখিল করিবেন। অন্যথায় আইন মোতাবেক মোকদ্দমাটি একতরফা সূত্রে নিষ্পত্তি করা হইবে।
আদালতের আদেশক্রমে- সেরেস্তাদার, অর্থঋণ আদালত নং-১, ঢাকা।
অর্থঋণ আদালত আইন, ২০০৩ এর ৭(১) ধারা মোতাবেক
বিবাদীর প্রতি পত্রিকার মাধ্যমে সমন/নোটিশ
জজ অর্থঋণ আদালত নং-১, ঢাকা।	অর্থঋণ মোকদ্দমা নং- ৩১৮৬/২০২৪
LANKA BANGLA FINANCE PLC, Head Office at Safura Tower, (Level-11), 20 Kamal Ataturk Avenue, Banani, Dhaka-1213, Bangladesh. Represented by Name: Mr. Md Kamruzzaman Emon, Son of Md Abul Kalam, Age: 29, Assistant Officer-Legal Division LANKA BANGLA FINANCE PLC.
..................Plaintiff
-Versus-
1. Md Faysal Mahmud Talukder, Proprietor Of Al Modina Department Store S/O: Abul Bashar Talukder, Cont: 01711309525 Office Address: Al Modina Department Store, 35, Haji Mohsin Road, Khulna, Khulna. Present Address: House-31, Ground Floor, Road-03, Sonadanga, Khulna. Permanent Address: House-63 Jakaria Road, South Tutpara, Khulna.
..................Defendants
এই মর্মে আপনাদের জ্ঞাতার্থে জানানো যাইতেছে যে, বাদী পক্ষ আপনাদের বিরুদ্ধে উল্লেখিত টাকা আদায়ের জন্য অত্র আদালতে মোকদ্দমা দায়ের করিয়াছেন। আপনারা পরবর্তী ধার্য তারিখে স্বয়ং অথবা আইনজীবীর মাধ্যমে অত্র আদালতে হাজির হইয়া লিখিত জবাব দাখিল করিবেন। অন্যথায় আইন মোতাবেক মোকদ্দমাটি একতরফা সূত্রে নিষ্পত্তি করা হইবে।
আদালতের আদেশক্রমে- সেরেস্তাদার, অর্থঋণ আদালত নং-১, ঢাকা।
